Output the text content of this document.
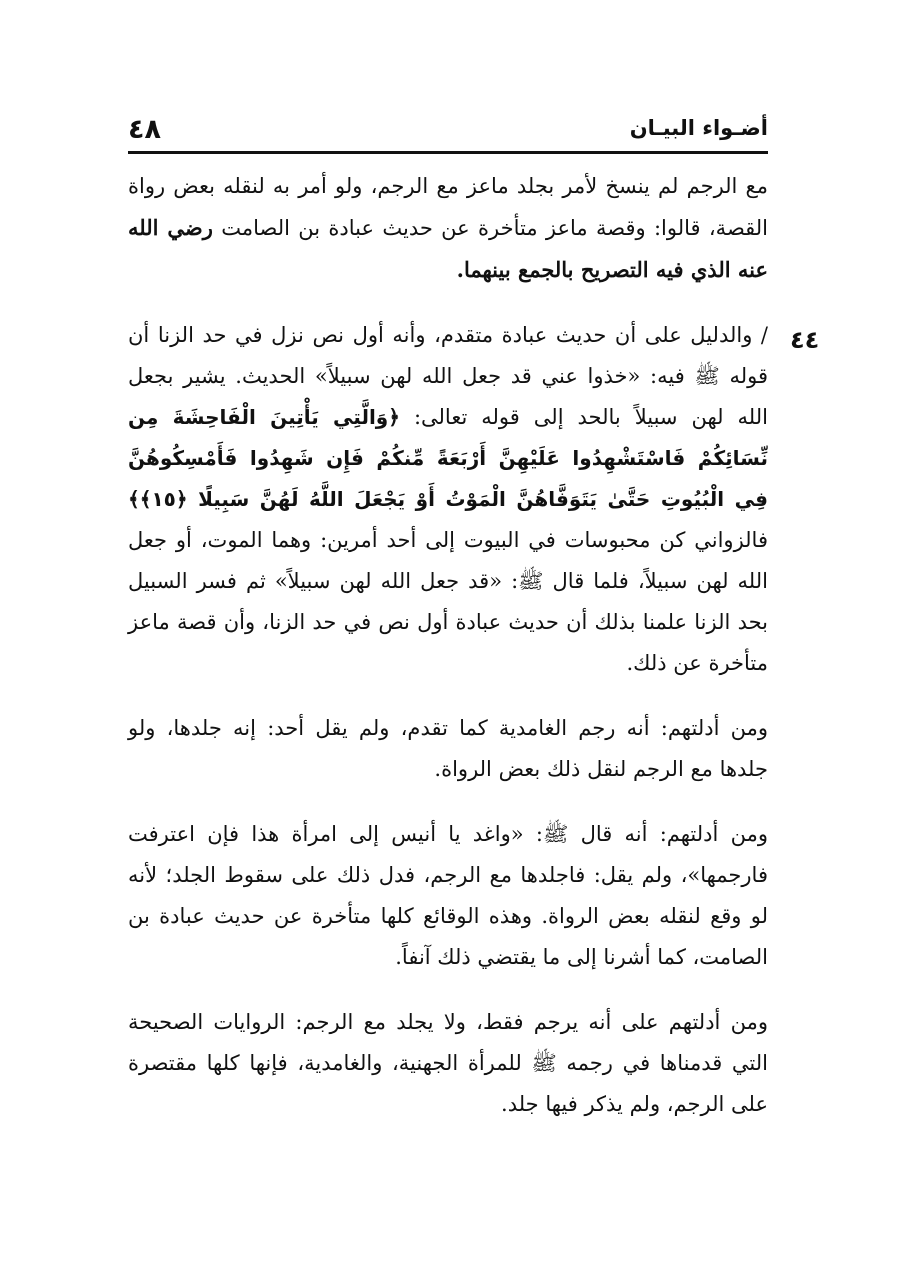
٤٨	أضـواء البيـان
٤٤

مع الرجم لم ينسخ لأمر بجلد ماعز مع الرجم، ولو أمر به لنقله بعض رواة القصة، قالوا: وقصة ماعز متأخرة عن حديث عبادة بن الصامت رضي الله عنه الذي فيه التصريح بالجمع بينهما.

/ والدليل على أن حديث عبادة متقدم، وأنه أول نص نزل في حد الزنا أن قوله ﷺ فيه: «خذوا عني قد جعل الله لهن سبيلاً» الحديث. يشير بجعل الله لهن سبيلاً بالحد إلى قوله تعالى: ﴿وَالَّتِي يَأْتِينَ الْفَاحِشَةَ مِن نِّسَائِكُمْ فَاسْتَشْهِدُوا عَلَيْهِنَّ أَرْبَعَةً مِّنكُمْ فَإِن شَهِدُوا فَأَمْسِكُوهُنَّ فِي الْبُيُوتِ حَتَّىٰ يَتَوَفَّاهُنَّ الْمَوْتُ أَوْ يَجْعَلَ اللَّهُ لَهُنَّ سَبِيلًا ﴿١٥﴾﴾ فالزواني كن محبوسات في البيوت إلى أحد أمرين: وهما الموت، أو جعل الله لهن سبيلاً، فلما قال ﷺ: «قد جعل الله لهن سبيلاً» ثم فسر السبيل بحد الزنا علمنا بذلك أن حديث عبادة أول نص في حد الزنا، وأن قصة ماعز متأخرة عن ذلك.

ومن أدلتهم: أنه رجم الغامدية كما تقدم، ولم يقل أحد: إنه جلدها، ولو جلدها مع الرجم لنقل ذلك بعض الرواة.

ومن أدلتهم: أنه قال ﷺ: «واغد يا أنيس إلى امرأة هذا فإن اعترفت فارجمها»، ولم يقل: فاجلدها مع الرجم، فدل ذلك على سقوط الجلد؛ لأنه لو وقع لنقله بعض الرواة. وهذه الوقائع كلها متأخرة عن حديث عبادة بن الصامت، كما أشرنا إلى ما يقتضي ذلك آنفاً.

ومن أدلتهم على أنه يرجم فقط، ولا يجلد مع الرجم: الروايات الصحيحة التي قدمناها في رجمه ﷺ للمرأة الجهنية، والغامدية، فإنها كلها مقتصرة على الرجم، ولم يذكر فيها جلد.
